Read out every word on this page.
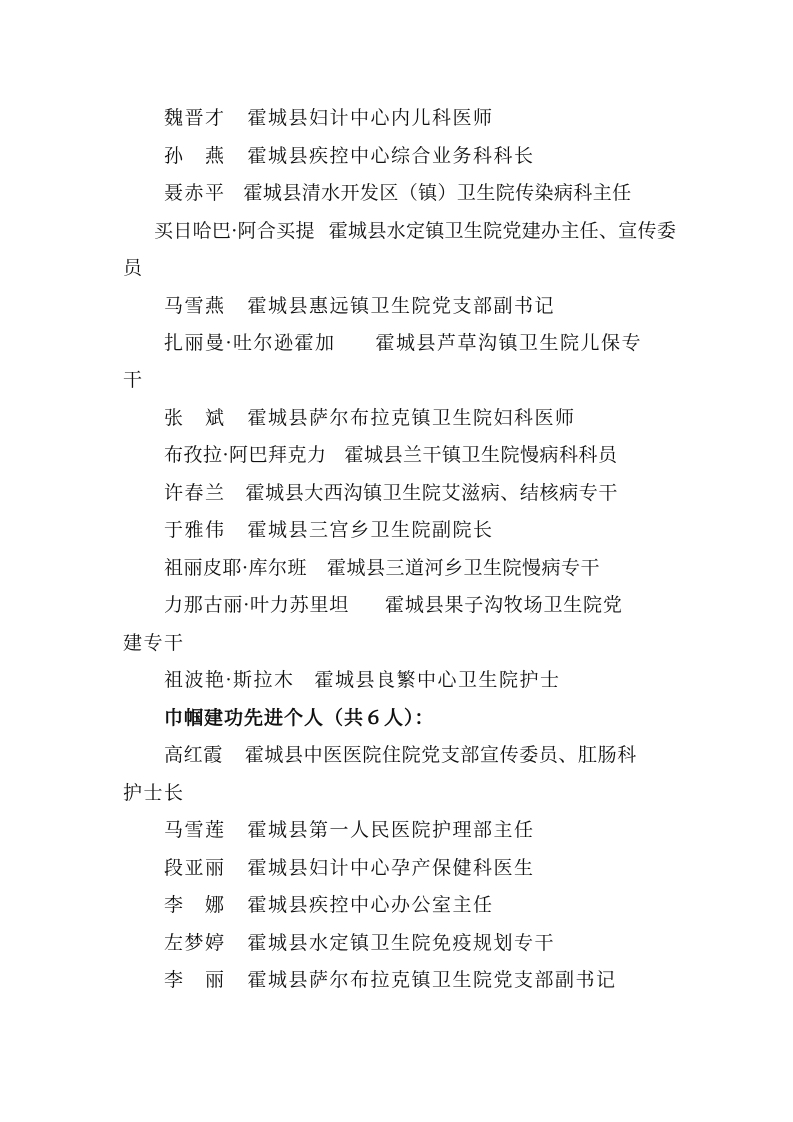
魏晋才 霍城县妇计中心内儿科医师
孙　燕 霍城县疾控中心综合业务科科长
聂赤平 霍城县清水开发区（镇）卫生院传染病科主任
买日哈巴·阿合买提 霍城县水定镇卫生院党建办主任、宣传委
员
马雪燕 霍城县惠远镇卫生院党支部副书记
扎丽曼·吐尔逊霍加 霍城县芦草沟镇卫生院儿保专
干
张　斌 霍城县萨尔布拉克镇卫生院妇科医师
布孜拉·阿巴拜克力 霍城县兰干镇卫生院慢病科科员
许春兰 霍城县大西沟镇卫生院艾滋病、结核病专干
于雅伟 霍城县三宫乡卫生院副院长
祖丽皮耶·库尔班 霍城县三道河乡卫生院慢病专干
力那古丽·叶力苏里坦 霍城县果子沟牧场卫生院党
建专干
祖波艳·斯拉木 霍城县良繁中心卫生院护士
巾帼建功先进个人（共６人）：
高红霞 霍城县中医医院住院党支部宣传委员、肛肠科
护士长
马雪莲 霍城县第一人民医院护理部主任
段亚丽 霍城县妇计中心孕产保健科医生
李　娜 霍城县疾控中心办公室主任
左梦婷 霍城县水定镇卫生院免疫规划专干
李　丽 霍城县萨尔布拉克镇卫生院党支部副书记
